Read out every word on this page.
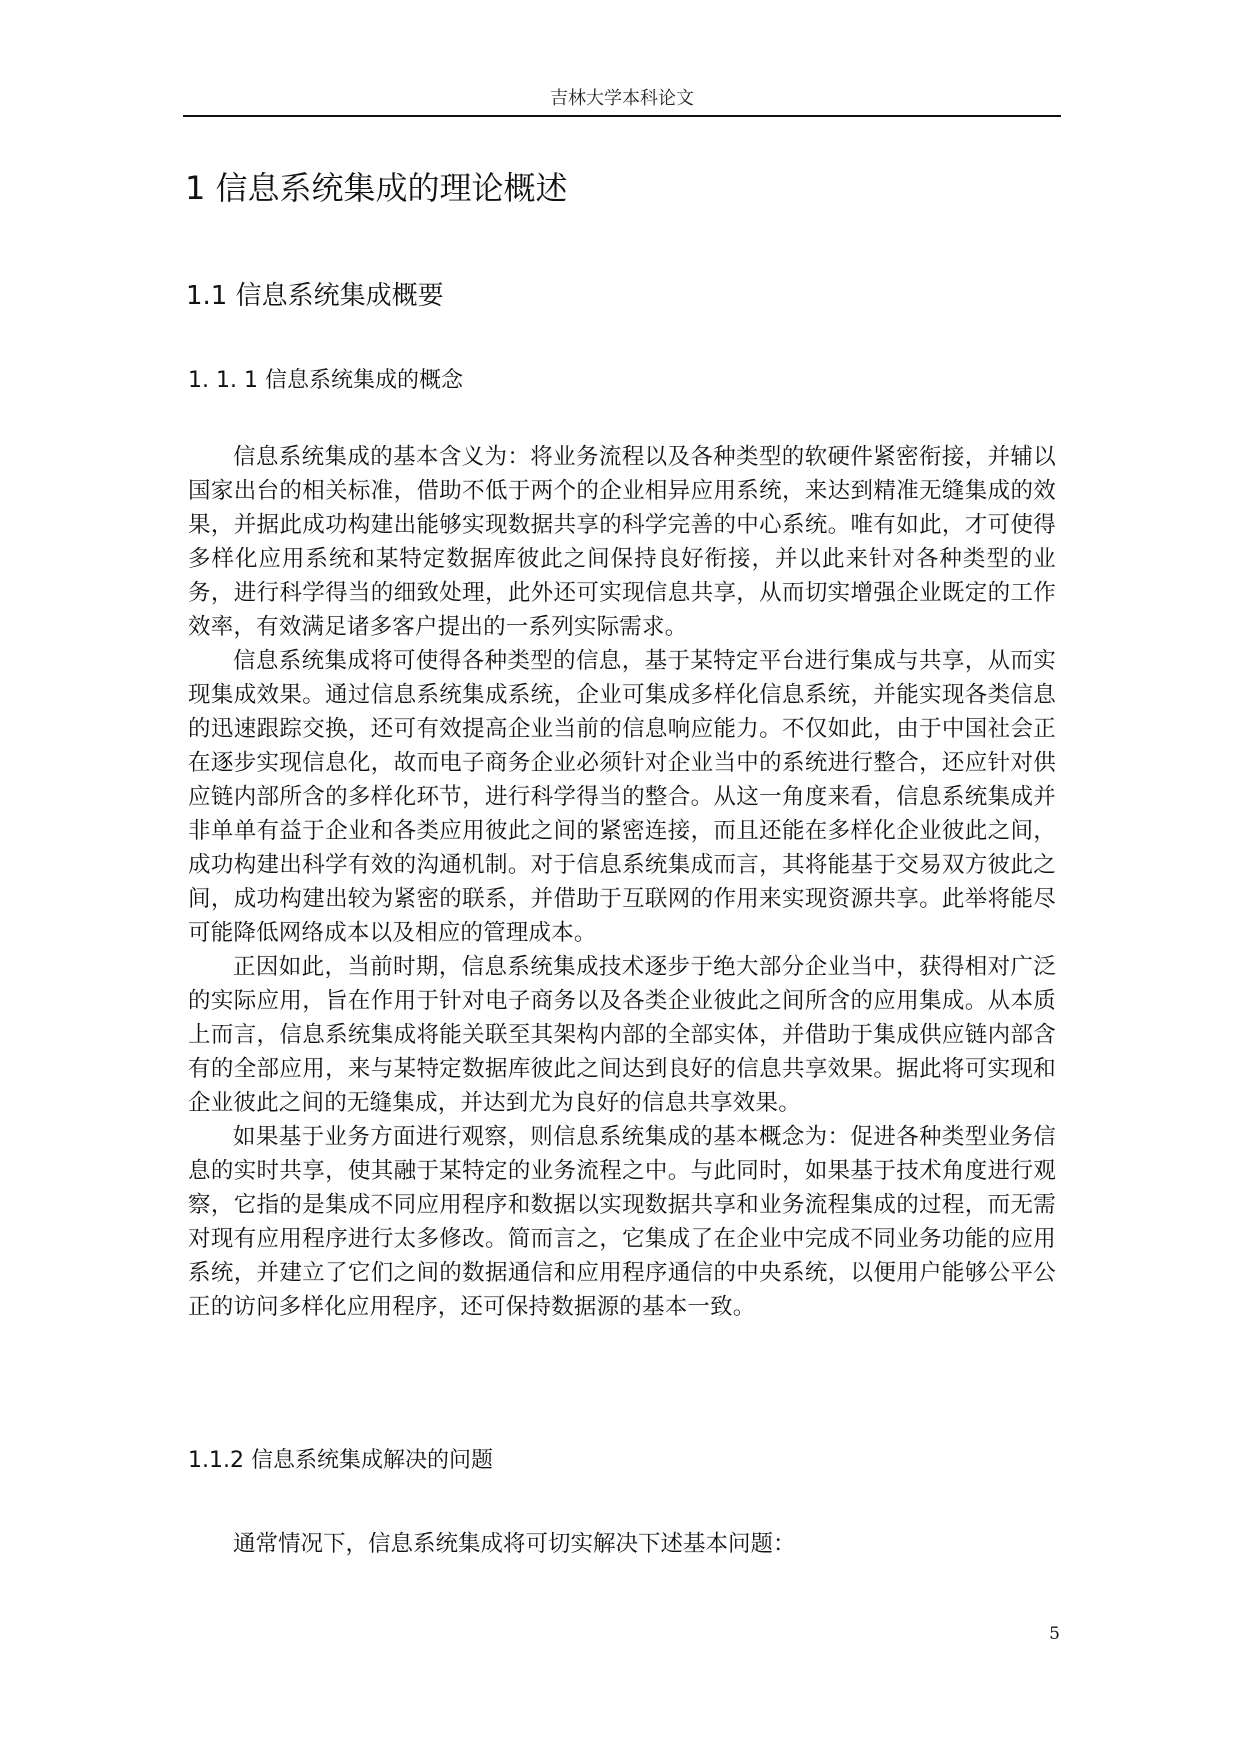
吉林大学本科论文
1 信息系统集成的理论概述
1.1 信息系统集成概要
1. 1. 1 信息系统集成的概念

信息系统集成的基本含义为：将业务流程以及各种类型的软硬件紧密衔接，并辅以国家出台的相关标准，借助不低于两个的企业相异应用系统，来达到精准无缝集成的效果，并据此成功构建出能够实现数据共享的科学完善的中心系统。唯有如此，才可使得多样化应用系统和某特定数据库彼此之间保持良好衔接，并以此来针对各种类型的业务，进行科学得当的细致处理，此外还可实现信息共享，从而切实增强企业既定的工作效率，有效满足诸多客户提出的一系列实际需求。

信息系统集成将可使得各种类型的信息，基于某特定平台进行集成与共享，从而实现集成效果。通过信息系统集成系统，企业可集成多样化信息系统，并能实现各类信息的迅速跟踪交换，还可有效提高企业当前的信息响应能力。不仅如此，由于中国社会正在逐步实现信息化，故而电子商务企业必须针对企业当中的系统进行整合，还应针对供应链内部所含的多样化环节，进行科学得当的整合。从这一角度来看，信息系统集成并非单单有益于企业和各类应用彼此之间的紧密连接，而且还能在多样化企业彼此之间，成功构建出科学有效的沟通机制。对于信息系统集成而言，其将能基于交易双方彼此之间，成功构建出较为紧密的联系，并借助于互联网的作用来实现资源共享。此举将能尽可能降低网络成本以及相应的管理成本。

正因如此，当前时期，信息系统集成技术逐步于绝大部分企业当中，获得相对广泛的实际应用，旨在作用于针对电子商务以及各类企业彼此之间所含的应用集成。从本质上而言，信息系统集成将能关联至其架构内部的全部实体，并借助于集成供应链内部含有的全部应用，来与某特定数据库彼此之间达到良好的信息共享效果。据此将可实现和企业彼此之间的无缝集成，并达到尤为良好的信息共享效果。

如果基于业务方面进行观察，则信息系统集成的基本概念为：促进各种类型业务信息的实时共享，使其融于某特定的业务流程之中。与此同时，如果基于技术角度进行观察，它指的是集成不同应用程序和数据以实现数据共享和业务流程集成的过程，而无需对现有应用程序进行太多修改。简而言之，它集成了在企业中完成不同业务功能的应用系统，并建立了它们之间的数据通信和应用程序通信的中央系统，以便用户能够公平公正的访问多样化应用程序，还可保持数据源的基本一致。

1.1.2 信息系统集成解决的问题

通常情况下，信息系统集成将可切实解决下述基本问题：

5
